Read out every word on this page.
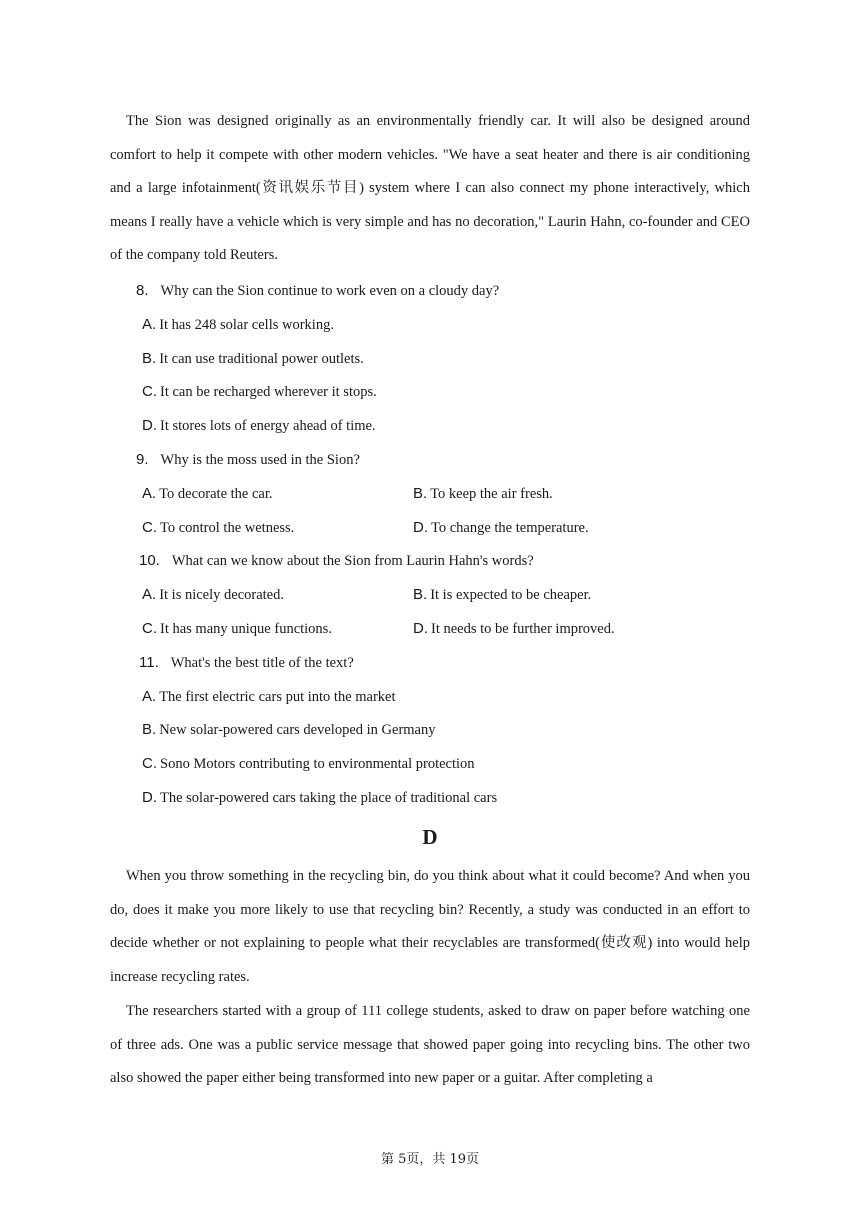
The Sion was designed originally as an environmentally friendly car. It will also be designed around comfort to help it compete with other modern vehicles. "We have a seat heater and there is air conditioning and a large infotainment(资讯娱乐节目) system where I can also connect my phone interactively, which means I really have a vehicle which is very simple and has no decoration," Laurin Hahn, co-founder and CEO of the company told Reuters.

8. Why can the Sion continue to work even on a cloudy day?
A. It has 248 solar cells working.
B. It can use traditional power outlets.
C. It can be recharged wherever it stops.
D. It stores lots of energy ahead of time.
9. Why is the moss used in the Sion?
A. To decorate the car.	B. To keep the air fresh.
C. To control the wetness.	D. To change the temperature.
10. What can we know about the Sion from Laurin Hahn's words?
A. It is nicely decorated.	B. It is expected to be cheaper.
C. It has many unique functions.	D. It needs to be further improved.
11. What's the best title of the text?
A. The first electric cars put into the market
B. New solar-powered cars developed in Germany
C. Sono Motors contributing to environmental protection
D. The solar-powered cars taking the place of traditional cars
D

When you throw something in the recycling bin, do you think about what it could become? And when you do, does it make you more likely to use that recycling bin? Recently, a study was conducted in an effort to decide whether or not explaining to people what their recyclables are transformed(使改观) into would help increase recycling rates.

The researchers started with a group of 111 college students, asked to draw on paper before watching one of three ads. One was a public service message that showed paper going into recycling bins. The other two also showed the paper either being transformed into new paper or a guitar. After completing a

第 5页，共 19页
